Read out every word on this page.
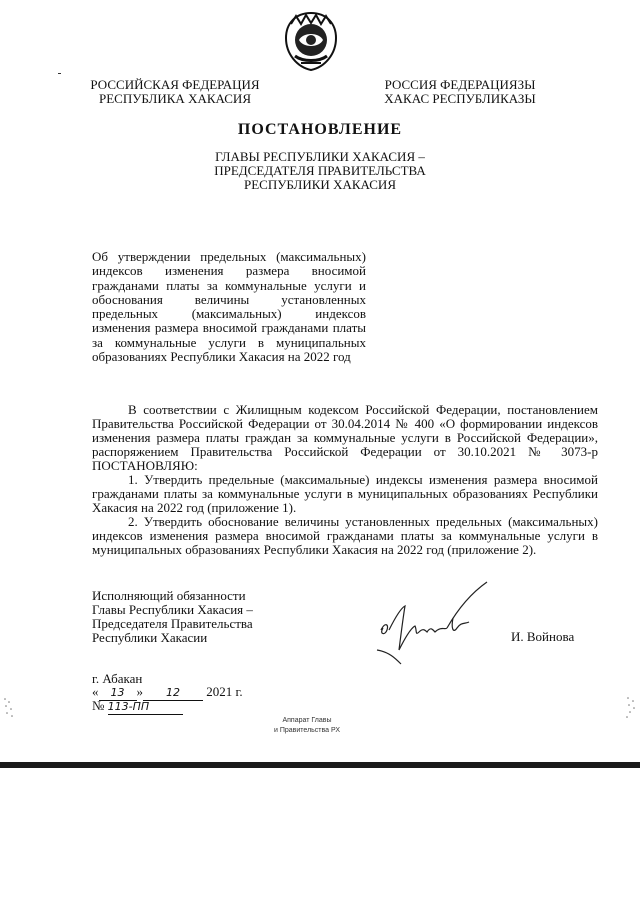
РОССИЙСКАЯ ФЕДЕРАЦИЯ
РЕСПУБЛИКА ХАКАСИЯ
РОССИЯ ФЕДЕРАЦИЯЗЫ
ХАКАС РЕСПУБЛИКАЗЫ
ПОСТАНОВЛЕНИЕ
ГЛАВЫ РЕСПУБЛИКИ ХАКАСИЯ –
ПРЕДСЕДАТЕЛЯ ПРАВИТЕЛЬСТВА
РЕСПУБЛИКИ ХАКАСИЯ
Об утверждении предельных (максимальных) индексов изменения размера вносимой гражданами платы за коммунальные услуги и обоснования величины установленных предельных (максимальных) индексов изменения размера вносимой гражданами платы за коммунальные услуги в муниципальных образованиях Республики Хакасия на 2022 год

В соответствии с Жилищным кодексом Российской Федерации, постановлением Правительства Российской Федерации от 30.04.2014 № 400 «О формировании индексов изменения размера платы граждан за коммунальные услуги в Российской Федерации», распоряжением Правительства Российской Федерации от 30.10.2021 № 3073-р ПОСТАНОВЛЯЮ:

1. Утвердить предельные (максимальные) индексы изменения размера вносимой гражданами платы за коммунальные услуги в муниципальных образованиях Республики Хакасия на 2022 год (приложение 1).

2. Утвердить обоснование величины установленных предельных (максимальных) индексов изменения размера вносимой гражданами платы за коммунальные услуги в муниципальных образованиях Республики Хакасия на 2022 год (приложение 2).

Исполняющий обязанности
Главы Республики Хакасия –
Председателя Правительства
Республики Хакасии	И. Войнова
г. Абакан
« 13 » 12 2021 г.
№ 113-ПП
Аппарат Главы
и Правительства РХ
